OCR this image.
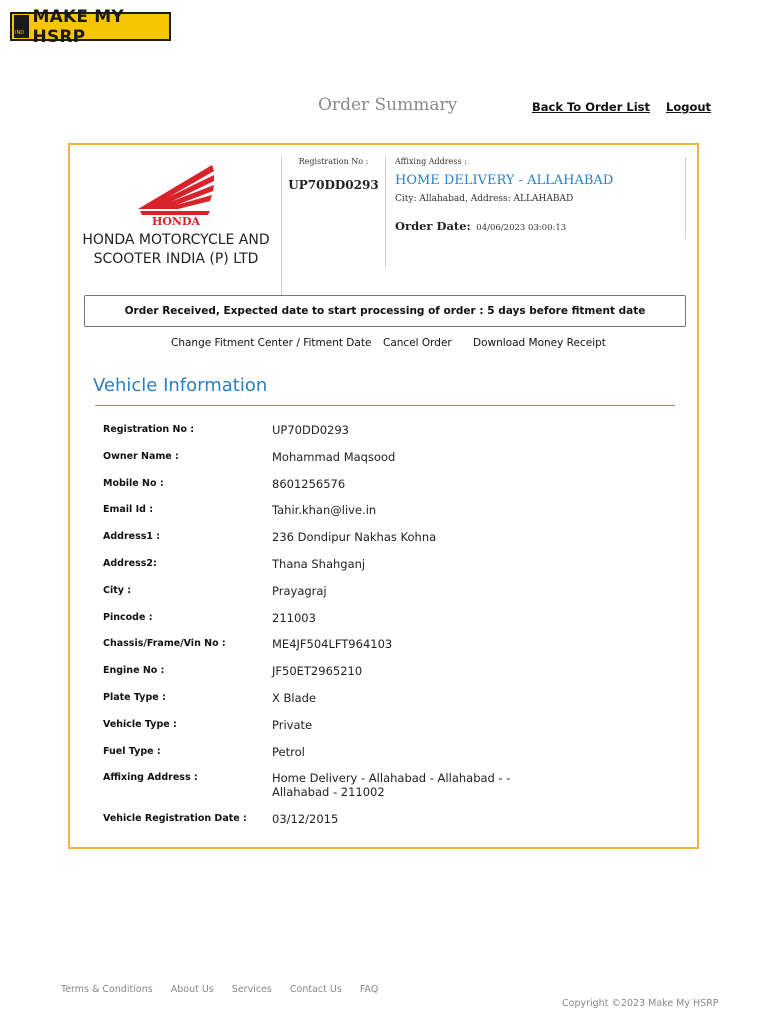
IND
MAKE MY HSRP
Order Summary	Back To Order List Logout
HONDA
HONDA MOTORCYCLE AND SCOOTER INDIA (P) LTD
Registration No :
UP70DD0293
Affixing Address :
HOME DELIVERY - ALLAHABAD
City: Allahabad, Address: ALLAHABAD
Order Date: 04/06/2023 03:00:13
Order Received, Expected date to start processing of order : 5 days before fitment date
Change Fitment Center / Fitment Date Cancel Order Download Money Receipt
Vehicle Information
Registration No :	UP70DD0293
Owner Name :	Mohammad Maqsood
Mobile No :	8601256576
Email Id :	Tahir.khan@live.in
Address1 :	236 Dondipur Nakhas Kohna
Address2:	Thana Shahganj
City :	Prayagraj
Pincode :	211003
Chassis/Frame/Vin No :	ME4JF504LFT964103
Engine No :	JF50ET2965210
Plate Type :	X Blade
Vehicle Type :	Private
Fuel Type :	Petrol
Affixing Address :	Home Delivery - Allahabad - Allahabad - -
Allahabad - 211002
Vehicle Registration Date : 03/12/2015
Terms & Conditions About Us Services Contact Us FAQ
Copyright ©2023 Make My HSRP
